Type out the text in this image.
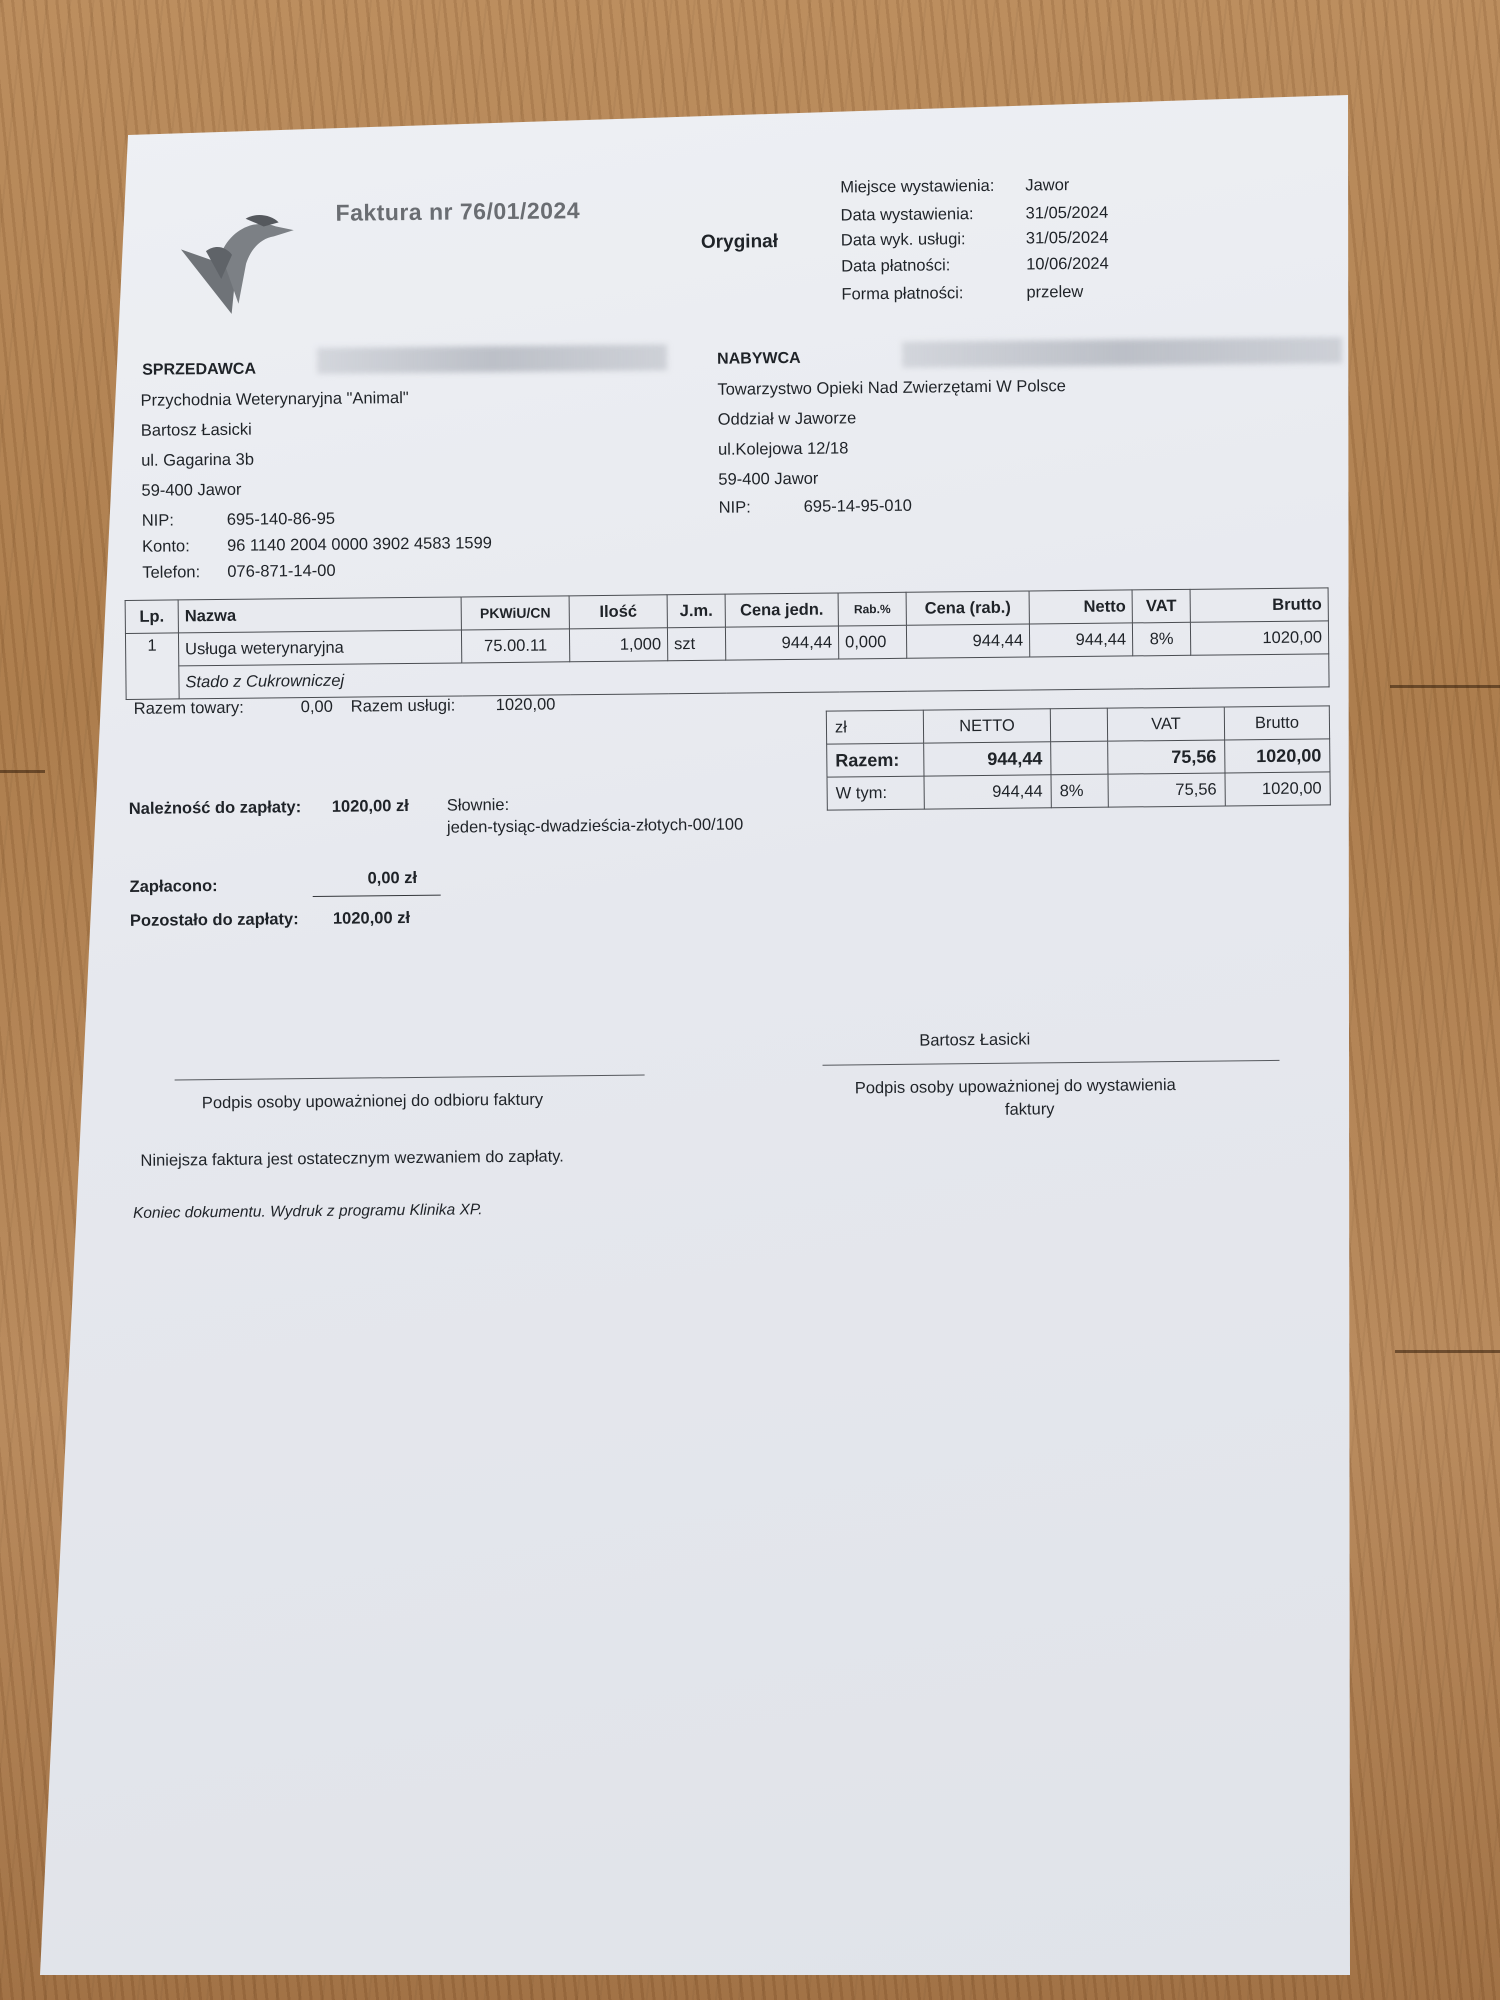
Faktura nr 76/01/2024
Oryginał
Miejsce wystawienia: Jawor
Data wystawienia:	31/05/2024
Data wyk. usługi:	31/05/2024
Data płatności:	10/06/2024
Forma płatności:	przelew
SPRZEDAWCA
Przychodnia Weterynaryjna "Animal"
Bartosz Łasicki
ul. Gagarina 3b
59-400 Jawor
NIP:	695-140-86-95
Konto: 96 1140 2004 0000 3902 4583 1599
Telefon: 076-871-14-00
NABYWCA
Towarzystwo Opieki Nad Zwierzętami W Polsce
Oddział w Jaworze
ul.Kolejowa 12/18
59-400 Jawor
NIP:	695-14-95-010
Lp.	Nazwa	PKWiU/CN	Ilość	J.m.	Cena jedn.	Rab.%	Cena (rab.)	Netto	VAT	Brutto
1	Usługa weterynaryjna	75.00.11	1,000	szt	944,44	0,000	944,44	944,44	8%	1020,00
	Stado z Cukrowniczej									
Razem towary:	0,00 Razem usługi: 1020,00
zł	NETTO		VAT	Brutto
Razem:	944,44		75,56	1020,00
W tym:	944,44	8%	75,56	1020,00
Należność do zapłaty: 1020,00 zł Słownie:
jeden-tysiąc-dwadzieścia-złotych-00/100
Zapłacono:	0,00 zł
Pozostało do zapłaty: 1020,00 zł
Bartosz Łasicki
Podpis osoby upoważnionej do odbioru faktury
Podpis osoby upoważnionej do wystawienia
faktury
Niniejsza faktura jest ostatecznym wezwaniem do zapłaty.
Koniec dokumentu. Wydruk z programu Klinika XP.
